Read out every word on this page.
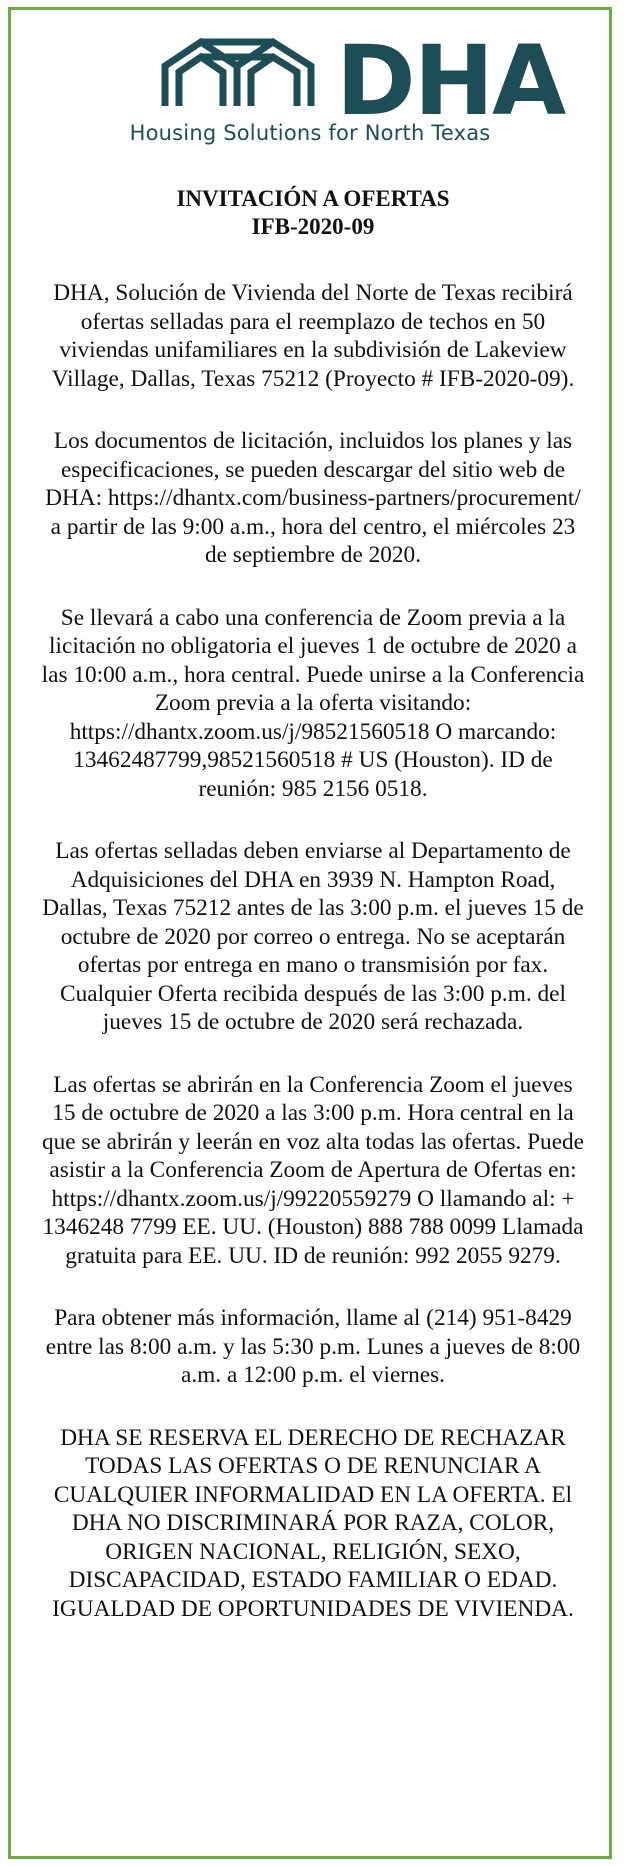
DHA
Housing Solutions for North Texas

INVITACIÓN A OFERTAS

IFB-2020-09

DHA, Solución de Vivienda del Norte de Texas recibirá ofertas selladas para el reemplazo de techos en 50 viviendas unifamiliares en la subdivisión de Lakeview Village, Dallas, Texas 75212 (Proyecto # IFB-2020-09).

Los documentos de licitación, incluidos los planes y las especificaciones, se pueden descargar del sitio web de DHA: https://dhantx.com/business-partners/procurement/ a partir de las 9:00 a.m., hora del centro, el miércoles 23 de septiembre de 2020.

Se llevará a cabo una conferencia de Zoom previa a la licitación no obligatoria el jueves 1 de octubre de 2020 a las 10:00 a.m., hora central. Puede unirse a la Conferencia Zoom previa a la oferta visitando: https://dhantx.zoom.us/j/98521560518 O marcando: 13462487799,98521560518 # US (Houston). ID de reunión: 985 2156 0518.

Las ofertas selladas deben enviarse al Departamento de Adquisiciones del DHA en 3939 N. Hampton Road, Dallas, Texas 75212 antes de las 3:00 p.m. el jueves 15 de octubre de 2020 por correo o entrega. No se aceptarán ofertas por entrega en mano o transmisión por fax. Cualquier Oferta recibida después de las 3:00 p.m. del jueves 15 de octubre de 2020 será rechazada.

Las ofertas se abrirán en la Conferencia Zoom el jueves 15 de octubre de 2020 a las 3:00 p.m. Hora central en la que se abrirán y leerán en voz alta todas las ofertas. Puede asistir a la Conferencia Zoom de Apertura de Ofertas en: https://dhantx.zoom.us/j/99220559279 O llamando al: + 1346248 7799 EE. UU. (Houston) 888 788 0099 Llamada gratuita para EE. UU. ID de reunión: 992 2055 9279.

Para obtener más información, llame al (214) 951-8429 entre las 8:00 a.m. y las 5:30 p.m. Lunes a jueves de 8:00 a.m. a 12:00 p.m. el viernes.

DHA SE RESERVA EL DERECHO DE RECHAZAR TODAS LAS OFERTAS O DE RENUNCIAR A CUALQUIER INFORMALIDAD EN LA OFERTA. El DHA NO DISCRIMINARÁ POR RAZA, COLOR, ORIGEN NACIONAL, RELIGIÓN, SEXO, DISCAPACIDAD, ESTADO FAMILIAR O EDAD. IGUALDAD DE OPORTUNIDADES DE VIVIENDA.
